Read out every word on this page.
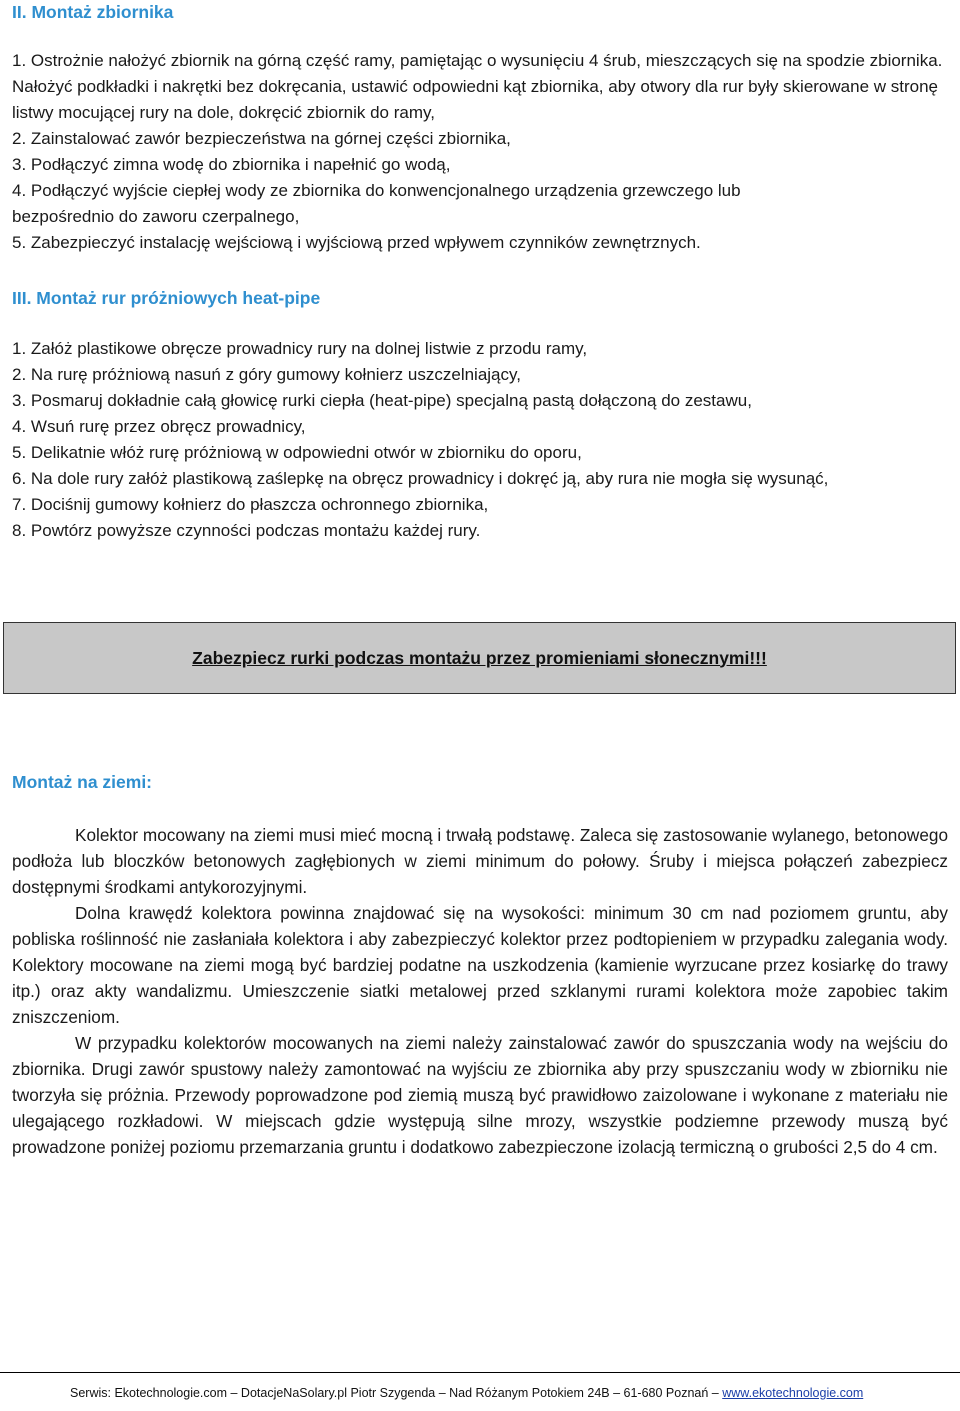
II. Montaż zbiornika
1. Ostrożnie nałożyć zbiornik na górną część ramy, pamiętając o wysunięciu 4 śrub, mieszczących się na spodzie zbiornika. Nałożyć podkładki i nakrętki bez dokręcania, ustawić odpowiedni kąt zbiornika, aby otwory dla rur były skierowane w stronę listwy mocującej rury na dole, dokręcić zbiornik do ramy,
2. Zainstalować zawór bezpieczeństwa na górnej części zbiornika,
3. Podłączyć zimna wodę do zbiornika i napełnić go wodą,
4. Podłączyć wyjście ciepłej wody ze zbiornika do konwencjonalnego urządzenia grzewczego lub
bezpośrednio do zaworu czerpalnego,
5. Zabezpieczyć instalację wejściową i wyjściową przed wpływem czynników zewnętrznych.
III. Montaż rur próżniowych heat-pipe
1. Załóż plastikowe obręcze prowadnicy rury na dolnej listwie z przodu ramy,
2. Na rurę próżniową nasuń z góry gumowy kołnierz uszczelniający,
3. Posmaruj dokładnie całą głowicę rurki ciepła (heat-pipe) specjalną pastą dołączoną do zestawu,
4. Wsuń rurę przez obręcz prowadnicy,
5. Delikatnie włóż rurę próżniową w odpowiedni otwór w zbiorniku do oporu,
6. Na dole rury załóż plastikową zaślepkę na obręcz prowadnicy i dokręć ją, aby rura nie mogła się wysunąć,
7. Dociśnij gumowy kołnierz do płaszcza ochronnego zbiornika,
8. Powtórz powyższe czynności podczas montażu każdej rury.
Montaż na ziemi:

Kolektor mocowany na ziemi musi mieć mocną i trwałą podstawę. Zaleca się zastosowanie wylanego, betonowego podłoża lub bloczków betonowych zagłębionych w ziemi minimum do połowy. Śruby i miejsca połączeń zabezpiecz dostępnymi środkami antykorozyjnymi.

Dolna krawędź kolektora powinna znajdować się na wysokości: minimum 30 cm nad poziomem gruntu, aby pobliska roślinność nie zasłaniała kolektora i aby zabezpieczyć kolektor przez podtopieniem w przypadku zalegania wody. Kolektory mocowane na ziemi mogą być bardziej podatne na uszkodzenia (kamienie wyrzucane przez kosiarkę do trawy itp.) oraz akty wandalizmu. Umieszczenie siatki metalowej przed szklanymi rurami kolektora może zapobiec takim zniszczeniom.

W przypadku kolektorów mocowanych na ziemi należy zainstalować zawór do spuszczania wody na wejściu do zbiornika. Drugi zawór spustowy należy zamontować na wyjściu ze zbiornika aby przy spuszczaniu wody w zbiorniku nie tworzyła się próżnia. Przewody poprowadzone pod ziemią muszą być prawidłowo zaizolowane i wykonane z materiału nie ulegającego rozkładowi. W miejscach gdzie występują silne mrozy, wszystkie podziemne przewody muszą być prowadzone poniżej poziomu przemarzania gruntu i dodatkowo zabezpieczone izolacją termiczną o grubości 2,5 do 4 cm.

Zabezpiecz rurki podczas montażu przez promieniami słonecznymi!!!
Serwis: Ekotechnologie.com – DotacjeNaSolary.pl Piotr Szygenda – Nad Różanym Potokiem 24B – 61-680 Poznań – www.ekotechnologie.com
